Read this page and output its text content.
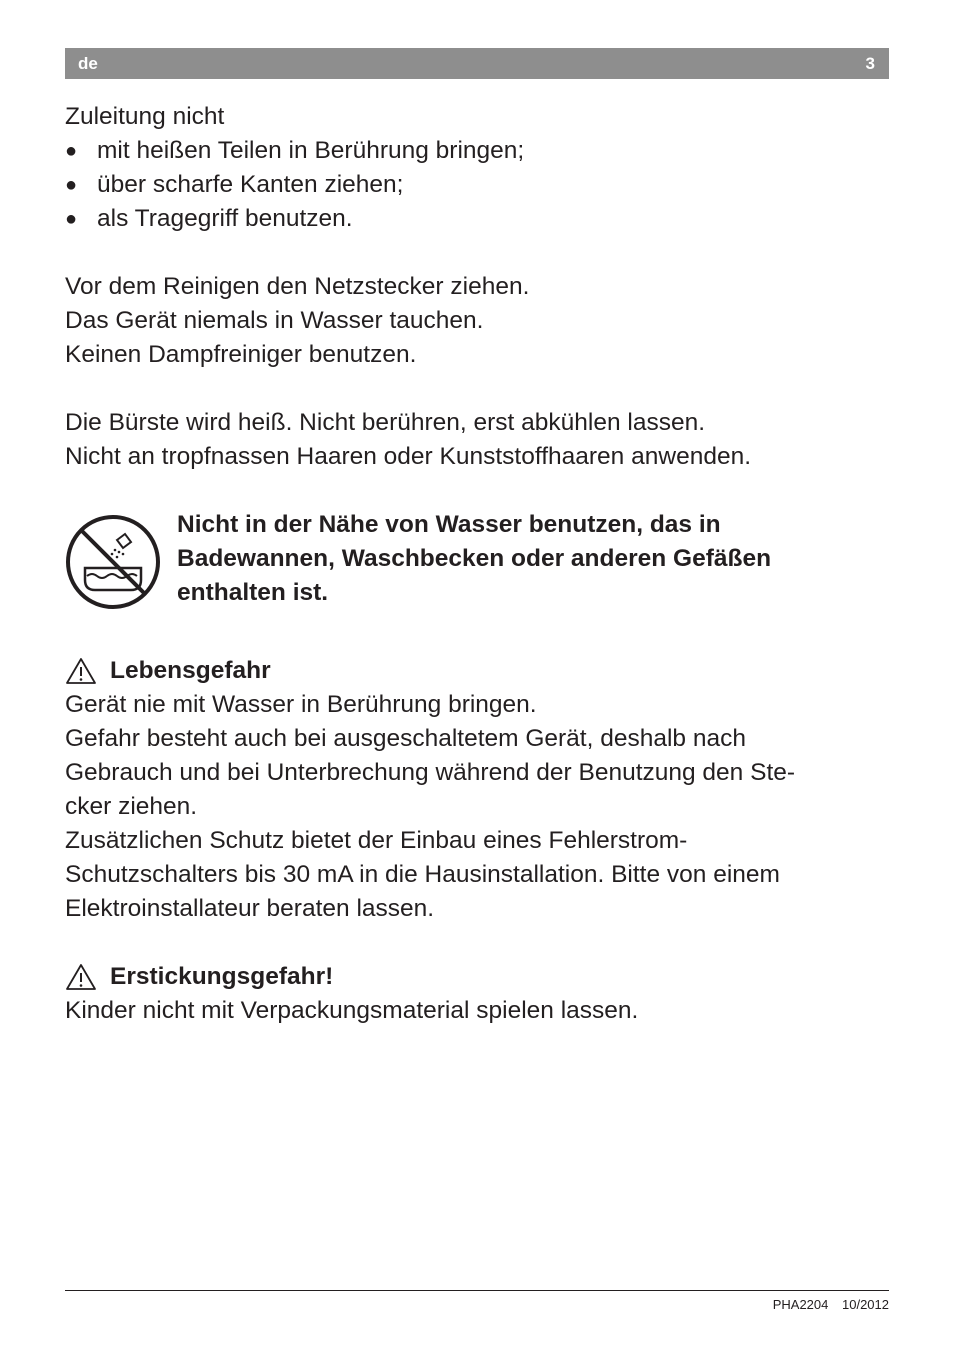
de	3

Zuleitung nicht

● mit heißen Teilen in Berührung bringen;
● über scharfe Kanten ziehen;
● als Tragegriff benutzen.

Vor dem Reinigen den Netzstecker ziehen.

Das Gerät niemals in Wasser tauchen.

Keinen Dampfreiniger benutzen.

Die Bürste wird heiß. Nicht berühren, erst abkühlen lassen.

Nicht an tropfnassen Haaren oder Kunststoffhaaren anwenden.

Nicht in der Nähe von Wasser benutzen, das in

Badewannen, Waschbecken oder anderen Gefäßen

enthalten ist.

Lebensgefahr

Gerät nie mit Wasser in Berührung bringen.

Gefahr besteht auch bei ausgeschaltetem Gerät, deshalb nach

Gebrauch und bei Unterbrechung während der Benutzung den Ste-

cker ziehen.

Zusätzlichen Schutz bietet der Einbau eines Fehlerstrom-

Schutzschalters bis 30 mA in die Hausinstallation. Bitte von einem

Elektroinstallateur beraten lassen.

Erstickungsgefahr!

Kinder nicht mit Verpackungsmaterial spielen lassen.

PHA2204 10/2012
